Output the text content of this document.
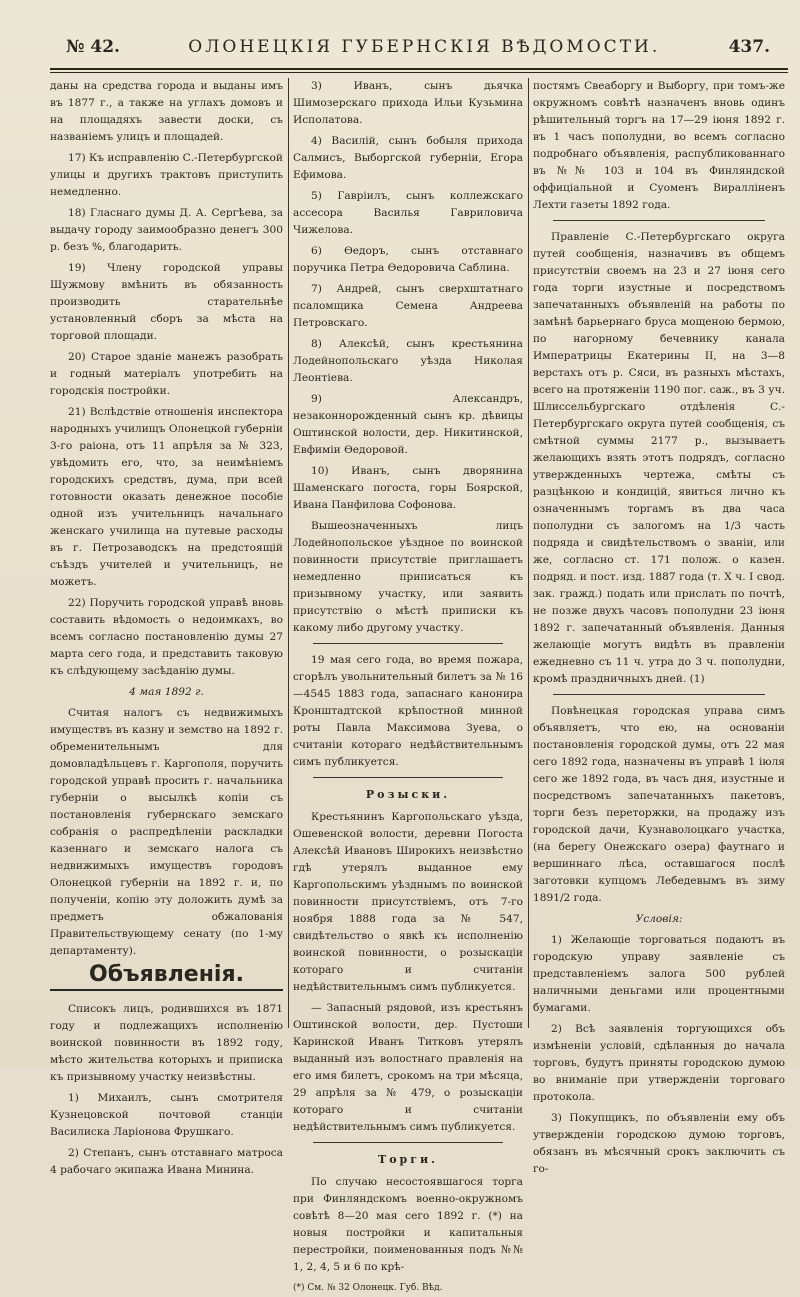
№ 42.	ОЛОНЕЦКІЯ ГУБЕРНСКІЯ ВѢДОМОСТИ.	437.

даны на средства города и выданы имъ въ 1877 г., а также на углахъ домовъ и на площадяхъ завести доски, съ названіемъ улицъ и площадей.

17) Къ исправленію С.-Петербургской улицы и другихъ трактовъ приступить немедленно.

18) Гласнаго думы Д. А. Сергѣева, за выдачу городу заимообразно денегъ 300 р. безъ %, благодарить.

19) Члену городской управы Шужмову вмѣнить въ обязанность производить старательнѣе установленный сборъ за мѣста на торговой площади.

20) Старое зданіе манежъ разобрать и годный матеріалъ употребить на городскія постройки.

21) Вслѣдствіе отношенія инспектора народныхъ училищъ Олонецкой губерніи 3-го раіона, отъ 11 апрѣля за № 323, увѣдомить его, что, за неимѣніемъ городскихъ средствъ, дума, при всей готовности оказать денежное пособіе одной изъ учительницъ начальнаго женскаго училища на путевые расходы въ г. Петрозаводскъ на предстоящій съѣздъ учителей и учительницъ, не можетъ.

22) Поручить городской управѣ вновь составить вѣдомость о недоимкахъ, во всемъ согласно постановленію думы 27 марта сего года, и представить таковую къ слѣдующему засѣданію думы.

4 мая 1892 г.

Считая налогъ съ недвижимыхъ имуществъ въ казну и земство на 1892 г. обременительнымъ для домовладѣльцевъ г. Каргополя, поручить городской управѣ просить г. начальника губерніи о высылкѣ копіи съ постановленія губернскаго земскаго собранія о распредѣленіи раскладки казеннаго и земскаго налога съ недвижимыхъ имуществъ городовъ Олонецкой губерніи на 1892 г. и, по полученіи, копію эту доложить думѣ за предметъ обжалованія Правительствующему сенату (по 1-му департаменту).

Объявленія.

Списокъ лицъ, родившихся въ 1871 году и подлежащихъ исполненію воинской повинности въ 1892 году, мѣсто жительства которыхъ и приписка къ призывному участку неизвѣстны.

1) Михаилъ, сынъ смотрителя Кузнецовской почтовой станціи Василиска Ларіонова Фрушкаго.

2) Степанъ, сынъ отставнаго матроса 4 рабочаго экипажа Ивана Минина.

3) Иванъ, сынъ дьячка Шимозерскаго прихода Ильи Кузьмина Исполатова.

4) Василій, сынъ бобыля прихода Салмисъ, Выборгской губерніи, Егора Ефимова.

5) Гавріилъ, сынъ коллежскаго ассесора Василья Гавриловича Чижелова.

6) Ѳедоръ, сынъ отставнаго поручика Петра Ѳедоровича Саблина.

7) Андрей, сынъ сверхштатнаго псаломщика Семена Андреева Петровскаго.

8) Алексѣй, сынъ крестьянина Лодейнопольскаго уѣзда Николая Леонтіева.

9) Александръ, незаконнорожденный сынъ кр. дѣвицы Оштинской волости, дер. Никитинской, Евфиміи Ѳедоровой.

10) Иванъ, сынъ дворянина Шаменскаго погоста, горы Боярской, Ивана Панфилова Софонова.

Вышеозначенныхъ лицъ Лодейнопольское уѣздное по воинской повинности присутствіе приглашаетъ немедленно приписаться къ призывному участку, или заявить присутствію о мѣстѣ приписки къ какому либо другому участку.

19 мая сего года, во время пожара, сгорѣлъ увольнительный билетъ за № 16—4545 1883 года, запаснаго канонира Кронштадтской крѣпостной минной роты Павла Максимова Зуева, о считаніи котораго недѣйствительнымъ симъ публикуется.

Розыски.

Крестьянинъ Каргопольскаго уѣзда, Ошевенской волости, деревни Погоста Алексѣй Ивановъ Широкихъ неизвѣстно гдѣ утерялъ выданное ему Каргопольскимъ уѣзднымъ по воинской повинности присутствіемъ, отъ 7-го ноября 1888 года за № 547, свидѣтельство о явкѣ къ исполненію воинской повинности, о розыскаціи котораго и считаніи недѣйствительнымъ симъ публикуется.

— Запасный рядовой, изъ крестьянъ Оштинской волости, дер. Пустоши Каринской Иванъ Титковъ утерялъ выданный изъ волостнаго правленія на его имя билетъ, срокомъ на три мѣсяца, 29 апрѣля за № 479, о розыскаціи котораго и считаніи недѣйствительнымъ симъ публикуется.

Торги.

По случаю несостоявшагося торга при Финляндскомъ военно-окружномъ совѣтѣ 8—20 мая сего 1892 г. (*) на новыя постройки и капитальныя перестройки, поименованныя подъ №№ 1, 2, 4, 5 и 6 по крѣ-

(*) См. № 32 Олонецк. Губ. Вѣд.

постямъ Свеаборгу и Выборгу, при томъ-же окружномъ совѣтѣ назначенъ вновь одинъ рѣшительный торгъ на 17—29 іюня 1892 г. въ 1 часъ пополудни, во всемъ согласно подробнаго объявленія, распубликованнаго въ №№ 103 и 104 въ Финляндской оффиціальной и Суоменъ Виралліненъ Лехти газеты 1892 года.

Правленіе С.-Петербургскаго округа путей сообщенія, назначивъ въ общемъ присутствіи своемъ на 23 и 27 іюня сего года торги изустные и посредствомъ запечатанныхъ объявленій на работы по замѣнѣ барьернаго бруса мощеною бермою, по нагорному бечевнику канала Императрицы Екатерины II, на 3—8 верстахъ отъ р. Сяси, въ разныхъ мѣстахъ, всего на протяженіи 1190 пог. саж., въ 3 уч. Шлиссельбургскаго отдѣленія С.-Петербургскаго округа путей сообщенія, съ смѣтной суммы 2177 р., вызываетъ желающихъ взять этотъ подрядъ, согласно утвержденныхъ чертежа, смѣты съ разцѣнкою и кондицій, явиться лично къ означеннымъ торгамъ въ два часа пополудни съ залогомъ на 1/3 часть подряда и свидѣтельствомъ о званіи, или же, согласно ст. 171 полож. о казен. подряд. и пост. изд. 1887 года (т. X ч. I свод. зак. гражд.) подать или прислать по почтѣ, не позже двухъ часовъ пополудни 23 іюня 1892 г. запечатанный объявленія. Данныя желающіе могутъ видѣть въ правленіи ежедневно съ 11 ч. утра до 3 ч. пополудни, кромѣ праздничныхъ дней. (1)

Повѣнецкая городская управа симъ объявляетъ, что ею, на основаніи постановленія городской думы, отъ 22 мая сего 1892 года, назначены въ управѣ 1 іюля сего же 1892 года, въ часъ дня, изустные и посредствомъ запечатанныхъ пакетовъ, торги безъ переторжки, на продажу изъ городской дачи, Кузнаволоцкаго участка, (на берегу Онежскаго озера) фаутнаго и вершиннаго лѣса, оставшагося послѣ заготовки купцомъ Лебедевымъ въ зиму 1891/2 года.

Условія:

1) Желающіе торговаться подаютъ въ городскую управу заявленіе съ представленіемъ залога 500 рублей наличными деньгами или процентными бумагами.

2) Всѣ заявленія торгующихся объ измѣненіи условій, сдѣланныя до начала торговъ, будутъ приняты городскою думою во вниманіе при утвержденіи торговаго протокола.

3) Покупщикъ, по объявленіи ему объ утвержденіи городскою думою торговъ, обязанъ въ мѣсячный срокъ заключить съ го-
